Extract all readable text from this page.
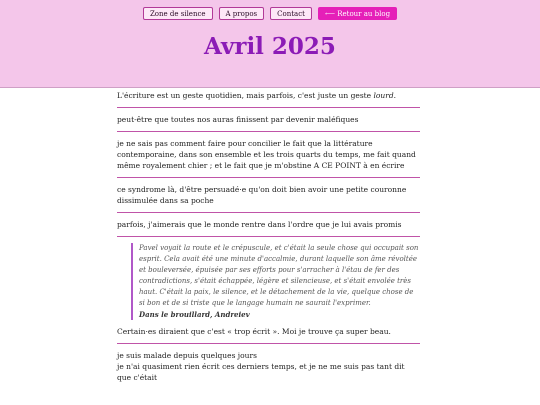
Zone de silence	A propos	Contact	⟵ Retour au blog
Avril 2025

L'écriture est un geste quotidien, mais parfois, c'est juste un geste lourd.

peut-être que toutes nos auras finissent par devenir maléfiques

je ne sais pas comment faire pour concilier le fait que la littérature contemporaine, dans son ensemble et les trois quarts du temps, me fait quand même royalement chier ; et le fait que je m'obstine A CE POINT à en écrire

ce syndrome là, d'être persuadé·e qu'on doit bien avoir une petite couronne dissimulée dans sa poche

parfois, j'aimerais que le monde rentre dans l'ordre que je lui avais promis

Pavel voyait la route et le crépuscule, et c'était la seule chose qui occupait son esprit. Cela avait été une minute d'accalmie, durant laquelle son âme révoltée et bouleversée, épuisée par ses efforts pour s'arracher à l'étau de fer des contradictions, s'était échappée, légère et silencieuse, et s'était envolée très haut. C'était la paix, le silence, et le détachement de la vie, quelque chose de si bon et de si triste que le langage humain ne saurait l'exprimer.
Dans le brouillard, Andreiev

Certain·es diraient que c'est « trop écrit ». Moi je trouve ça super beau.

je suis malade depuis quelques jours

je n'ai quasiment rien écrit ces derniers temps, et je ne me suis pas tant dit que c'était
